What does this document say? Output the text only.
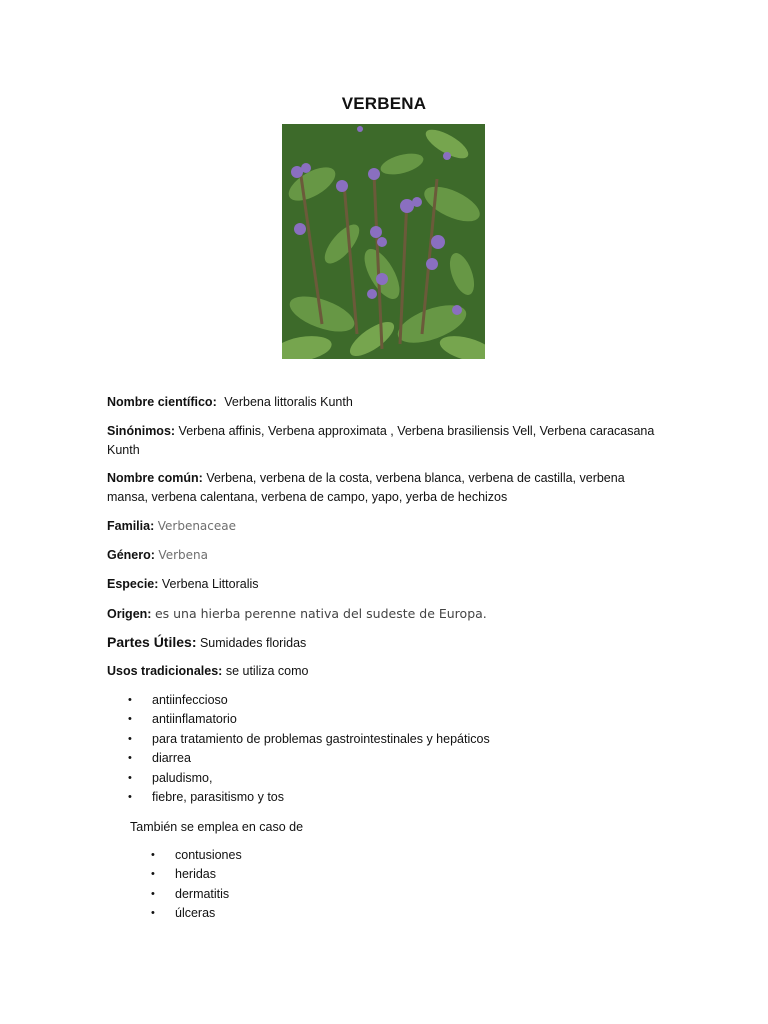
VERBENA
Nombre científico: Verbena littoralis Kunth
Sinónimos: Verbena affinis, Verbena approximata , Verbena brasiliensis Vell, Verbena caracasana Kunth
Nombre común: Verbena, verbena de la costa, verbena blanca, verbena de castilla, verbena mansa, verbena calentana, verbena de campo, yapo, yerba de hechizos
Familia: Verbenaceae
Género: Verbena
Especie: Verbena Littoralis
Origen: es una hierba perenne nativa del sudeste de Europa.
Partes Útiles: Sumidades floridas
Usos tradicionales: se utiliza como
• antiinfeccioso
• antiinflamatorio
• para tratamiento de problemas gastrointestinales y hepáticos
• diarrea
• paludismo,
• fiebre, parasitismo y tos
También se emplea en caso de
• contusiones
• heridas
• dermatitis
• úlceras
